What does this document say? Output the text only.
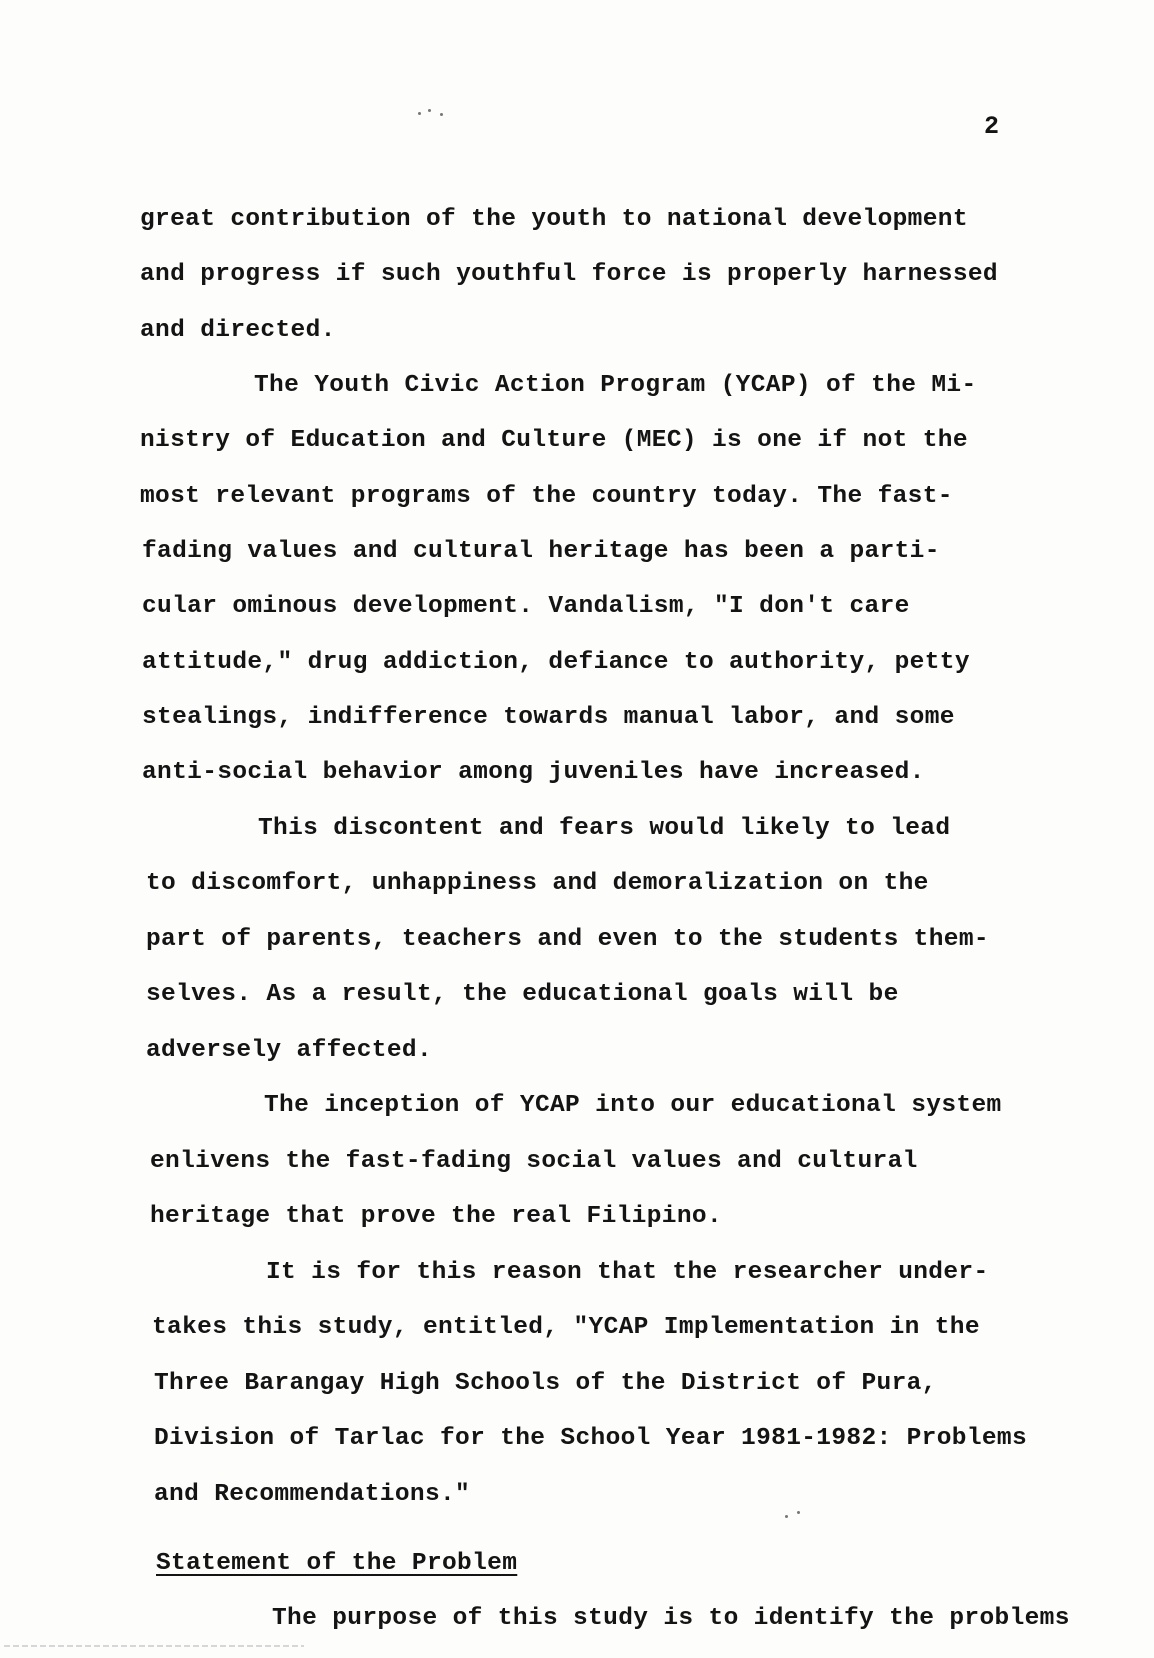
2
great contribution of the youth to national development
and progress if such youthful force is properly harnessed
and directed.
The Youth Civic Action Program (YCAP) of the Mi-
nistry of Education and Culture (MEC) is one if not the
most relevant programs of the country today. The fast-
fading values and cultural heritage has been a parti-
cular ominous development. Vandalism, "I don't care
attitude," drug addiction, defiance to authority, petty
stealings, indifference towards manual labor, and some
anti-social behavior among juveniles have increased.
This discontent and fears would likely to lead
to discomfort, unhappiness and demoralization on the
part of parents, teachers and even to the students them-
selves. As a result, the educational goals will be
adversely affected.
The inception of YCAP into our educational system
enlivens the fast-fading social values and cultural
heritage that prove the real Filipino.
It is for this reason that the researcher under-
takes this study, entitled, "YCAP Implementation in the
Three Barangay High Schools of the District of Pura,
Division of Tarlac for the School Year 1981-1982: Problems
and Recommendations."
Statement of the Problem
The purpose of this study is to identify the problems
